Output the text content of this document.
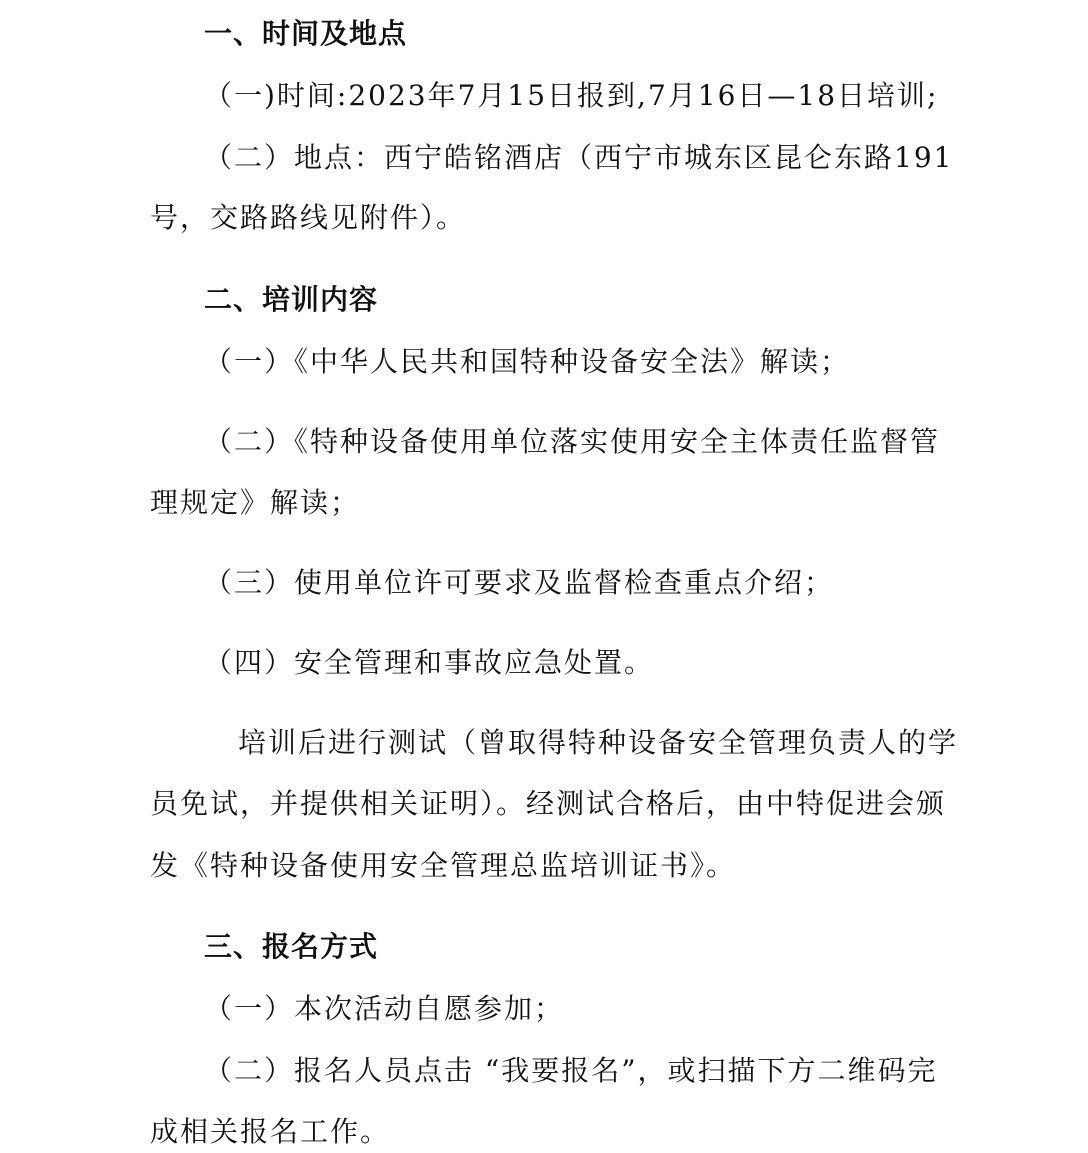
一、时间及地点
（一)时间:2023年7月15日报到,7月16日—18日培训;
（二）地点：西宁皓铭酒店（西宁市城东区昆仑东路191
号，交路路线见附件）。
二、培训内容
（一）《中华人民共和国特种设备安全法》解读；
（二）《特种设备使用单位落实使用安全主体责任监督管
理规定》解读；
（三）使用单位许可要求及监督检查重点介绍；
（四）安全管理和事故应急处置。
培训后进行测试（曾取得特种设备安全管理负责人的学
员免试，并提供相关证明）。经测试合格后，由中特促进会颁
发《特种设备使用安全管理总监培训证书》。
三、报名方式
（一）本次活动自愿参加；
（二）报名人员点击 “我要报名”，或扫描下方二维码完
成相关报名工作。
